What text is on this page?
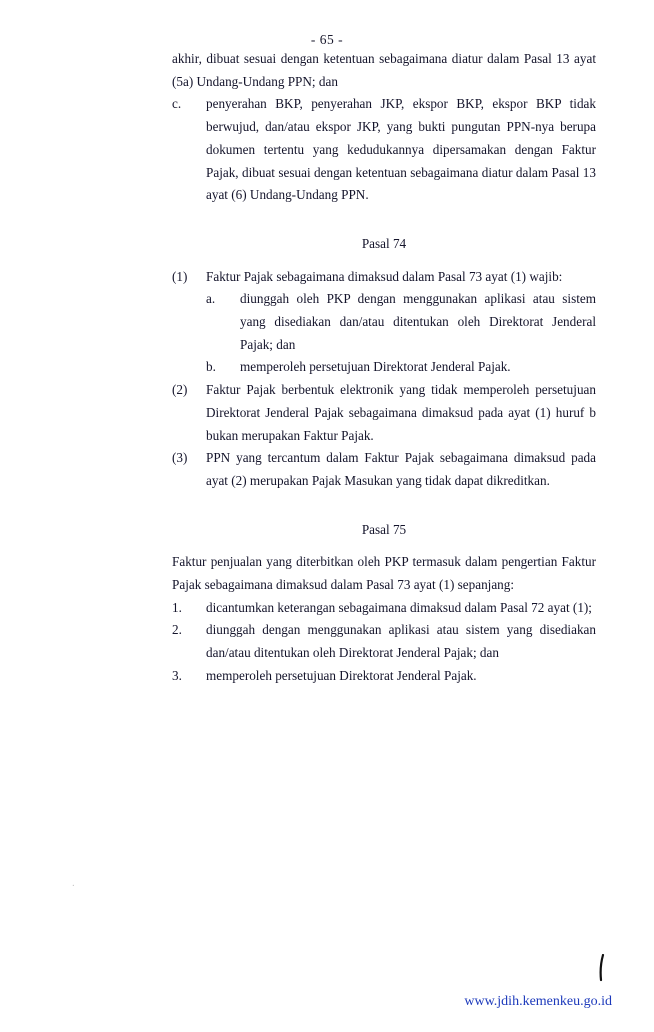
- 65 -
akhir, dibuat sesuai dengan ketentuan sebagaimana diatur dalam Pasal 13 ayat (5a) Undang-Undang PPN; dan
c.	penyerahan BKP, penyerahan JKP, ekspor BKP, ekspor BKP tidak berwujud, dan/atau ekspor JKP, yang bukti pungutan PPN-nya berupa dokumen tertentu yang kedudukannya dipersamakan dengan Faktur Pajak, dibuat sesuai dengan ketentuan sebagaimana diatur dalam Pasal 13 ayat (6) Undang-Undang PPN.
Pasal 74
(1)	Faktur Pajak sebagaimana dimaksud dalam Pasal 73 ayat (1) wajib:
a.	diunggah oleh PKP dengan menggunakan aplikasi atau sistem yang disediakan dan/atau ditentukan oleh Direktorat Jenderal Pajak; dan
b.	memperoleh persetujuan Direktorat Jenderal Pajak.
(2)	Faktur Pajak berbentuk elektronik yang tidak memperoleh persetujuan Direktorat Jenderal Pajak sebagaimana dimaksud pada ayat (1) huruf b bukan merupakan Faktur Pajak.
(3)	PPN yang tercantum dalam Faktur Pajak sebagaimana dimaksud pada ayat (2) merupakan Pajak Masukan yang tidak dapat dikreditkan.
Pasal 75
Faktur penjualan yang diterbitkan oleh PKP termasuk dalam pengertian Faktur Pajak sebagaimana dimaksud dalam Pasal 73 ayat (1) sepanjang:
1.	dicantumkan keterangan sebagaimana dimaksud dalam Pasal 72 ayat (1);
2.	diunggah dengan menggunakan aplikasi atau sistem yang disediakan dan/atau ditentukan oleh Direktorat Jenderal Pajak; dan
3.	memperoleh persetujuan Direktorat Jenderal Pajak.
.
www.jdih.kemenkeu.go.id
